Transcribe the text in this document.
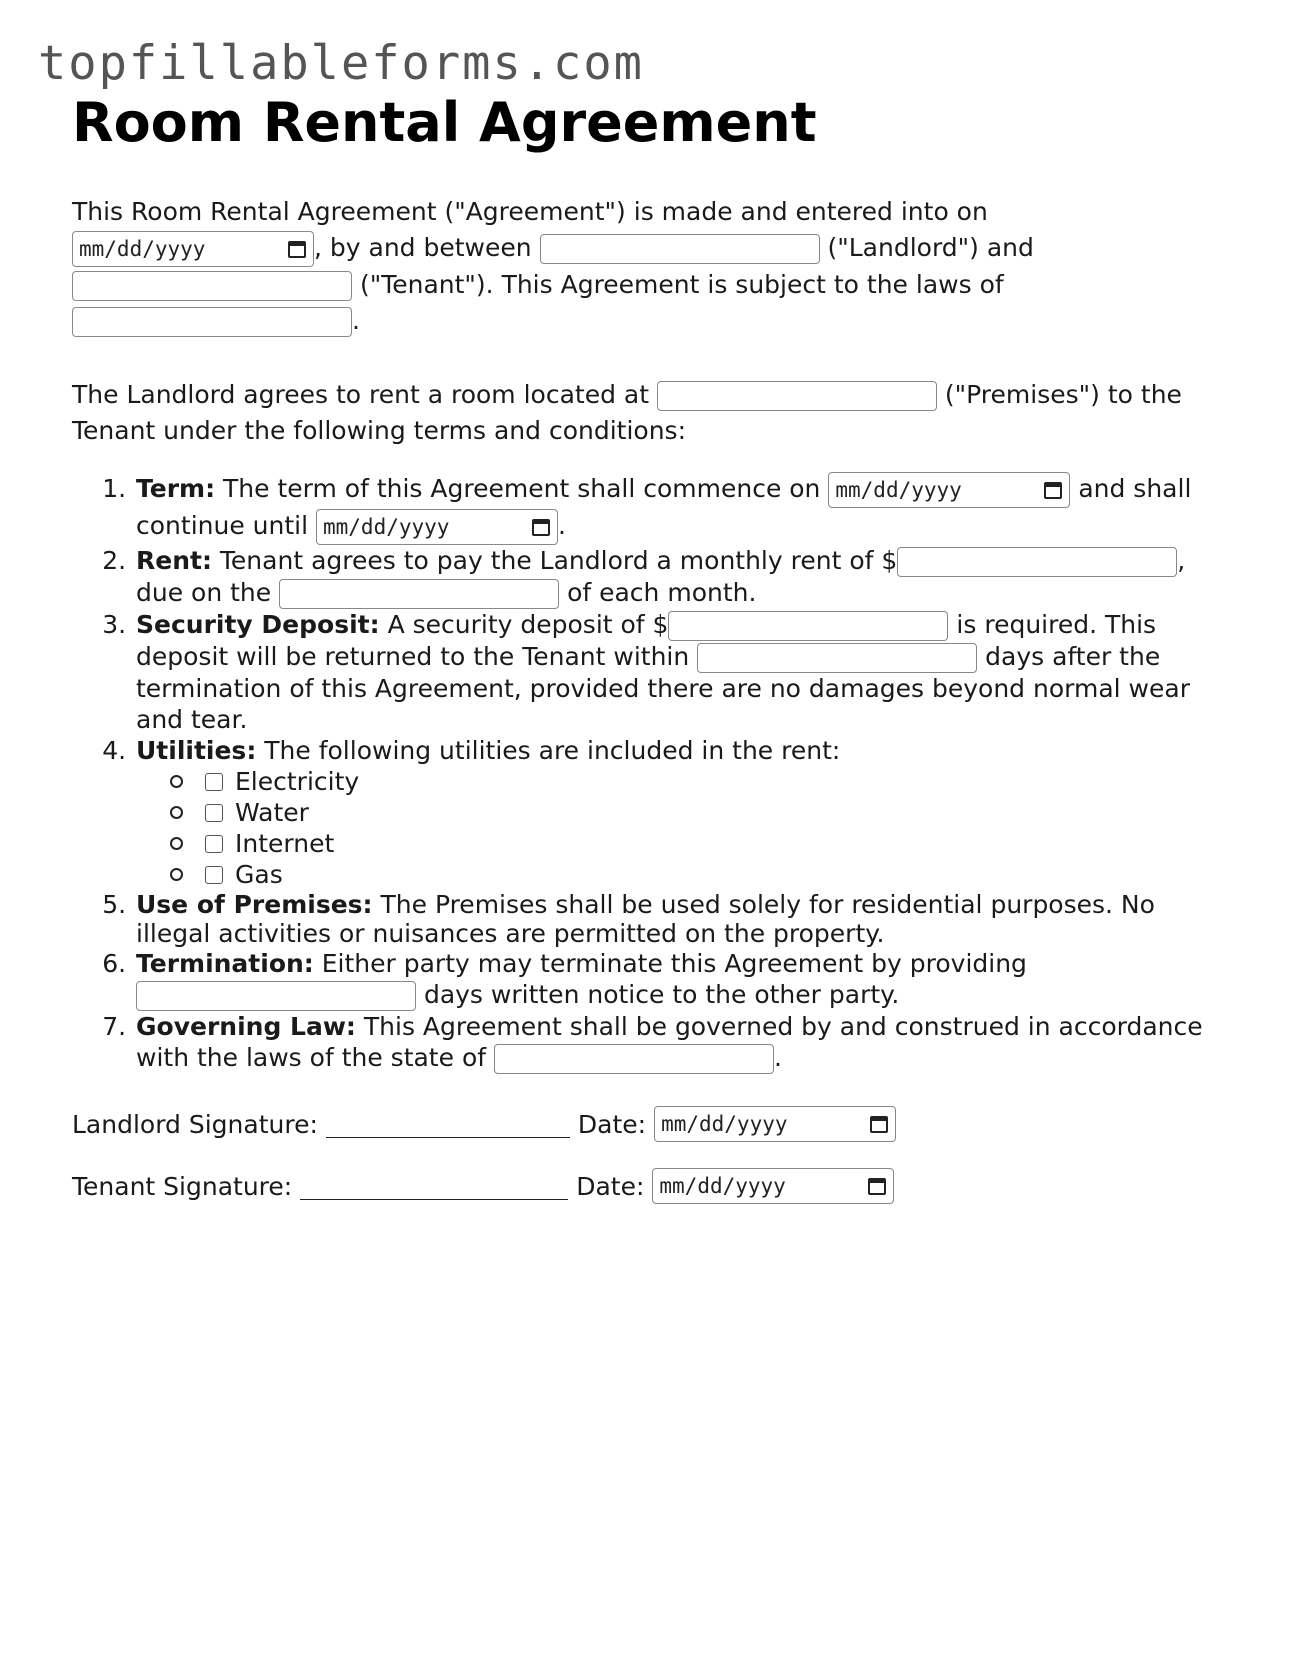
topfillableforms.com
Room Rental Agreement

This Room Rental Agreement ("Agreement") is made and entered into on

mm/dd/yyyy	, by and between	("Landlord") and
("Tenant"). This Agreement is subject to the laws of
.

The Landlord agrees to rent a room located at	("Premises") to the Tenant under the following terms and conditions:

1. Term: The term of this Agreement shall commence on mm/dd/yyyy	and shall continue until mm/dd/yyyy	.
2. Rent: Tenant agrees to pay the Landlord a monthly rent of $	, due on the	of each month.
3. Security Deposit: A security deposit of $	is required. This deposit will be returned to the Tenant within	days after the termination of this Agreement, provided there are no damages beyond normal wear and tear.
4. Utilities: The following utilities are included in the rent:
Electricity
Water
Internet
Gas
5. Use of Premises: The Premises shall be used solely for residential purposes. No illegal activities or nuisances are permitted on the property.
6. Termination: Either party may terminate this Agreement by providing
days written notice to the other party.
7. Governing Law: This Agreement shall be governed by and construed in accordance with the laws of the state of	.
Landlord Signature:	Date: mm/dd/yyyy
Tenant Signature:	Date: mm/dd/yyyy
